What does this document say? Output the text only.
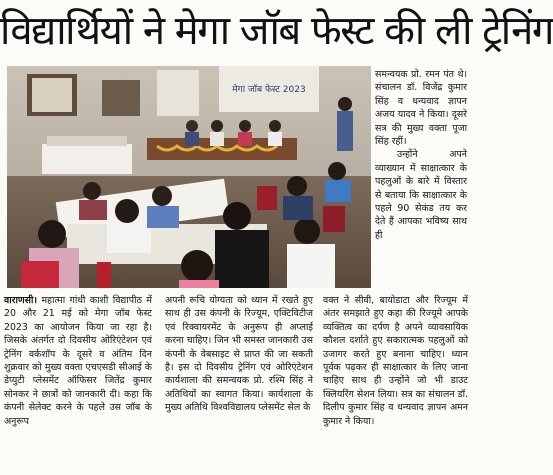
विद्यार्थियों ने मेगा जॉब फेस्ट की ली ट्रेनिंग
मेगा जॉब फेस्ट 2023

समन्वयक प्रो. रमन पंत थे। संचालन डॉ. विजेंद्र कुमार सिंह व धन्यवाद ज्ञापन अजय यादव ने किया। दूसरे सत्र की मुख्य वक्ता पूजा सिंह रहीं।

उन्होंने अपने व्याख्यान में साक्षात्कार के पहलुओं के बारे में विस्तार से बताया कि साक्षात्कार के पहले 90 सेकंड तय कर देते हैं आपका भविष्य साथ ही

वाराणसी। महात्मा गांधी काशी विद्यापीठ में 20 और 21 मई को मेगा जॉब फेस्ट 2023 का आयोजन किया जा रहा है। जिसके अंतर्गत दो दिवसीय ओरिएंटेशन एवं ट्रेनिंग वर्कशॉप के दूसरे व अंतिम दिन शुक्रवार को मुख्य वक्ता एचएसडी सीआई के डेप्युटी प्लेसमेंट ऑफिसर जितेंद्र कुमार सोनकर ने छात्रों को जानकारी दी। कहा कि कंपनी सेलेक्ट करने के पहले उस जॉब के अनुरूप

अपनी रूचि योग्यता को ध्यान में रखते हुए साथ ही उस कंपनी के रिज्यूम, एक्टिविटीज एवं रिक्वायरमेंट के अनुरूप ही अप्लाई करना चाहिए। जिन भी समस्त जानकारी उस कंपनी के वेबसाइट से प्राप्त की जा सकती है। इस दो दिवसीय ट्रेनिंग एवं ओरिएंटेशन कार्यशाला की समन्वयक प्रो. रश्मि सिंह ने अतिथियों का स्वागत किया। कार्यशाला के मुख्य अतिथि विश्वविद्यालय प्लेसमेंट सेल के

वक्त ने सीवी, बायोडाटा और रिज्यूम में अंतर समझाते हुए कहा की रिज्यूमे आपके व्यक्तित्व का दर्पण है अपने व्यावसायिक कौशल दर्शाते हुए सकारात्मक पहलुओं को उजागर करते हुए बनाना चाहिए। ध्यान पूर्वक पढ़कर ही साक्षात्कार के लिए जाना चाहिए साथ ही उन्होंने जो भी डाउट क्लियरिंग सेशन लिया। सत्र का संचालन डॉ. दिलीप कुमार सिंह व धन्यवाद ज्ञापन अमन कुमार ने किया।
